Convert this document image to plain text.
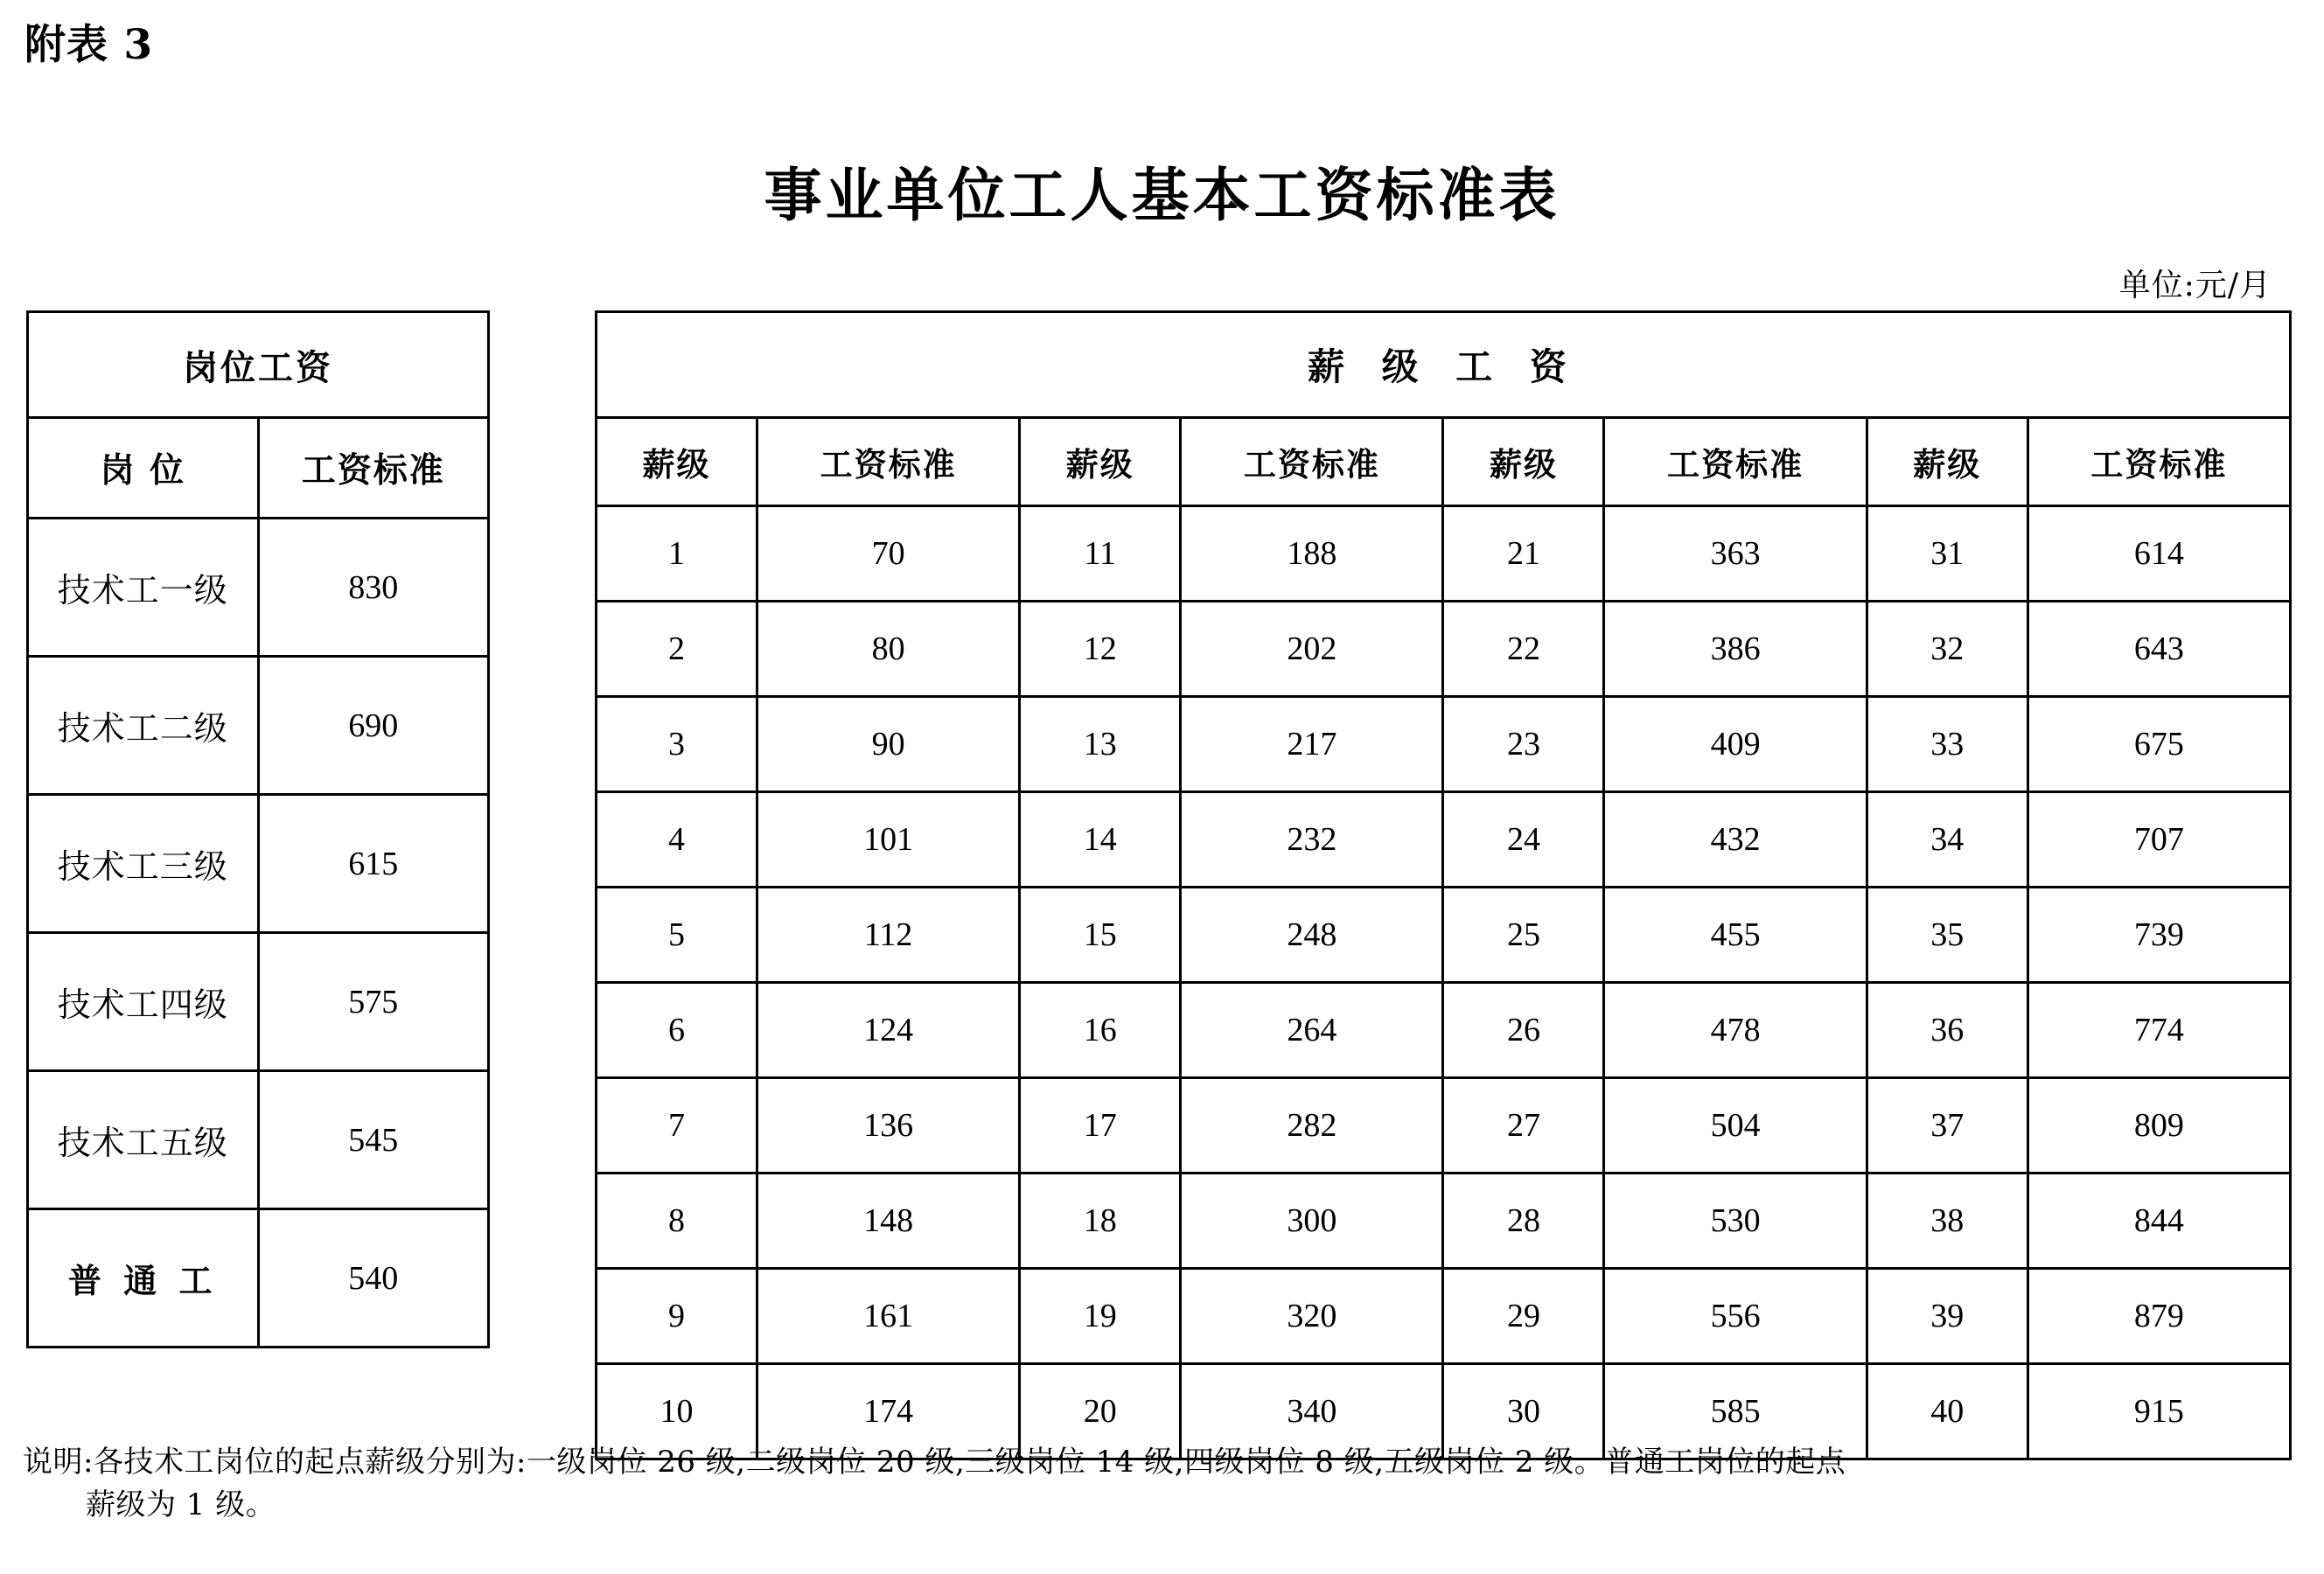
附表 3
事业单位工人基本工资标准表
单位:元/月
岗位工资	
岗 位	工资标准
技术工一级	830
技术工二级	690
技术工三级	615
技术工四级	575
技术工五级	545
普 通 工	540
薪 级 工 资							
薪级	工资标准	薪级	工资标准	薪级	工资标准	薪级	工资标准
1	70	11	188	21	363	31	614
2	80	12	202	22	386	32	643
3	90	13	217	23	409	33	675
4	101	14	232	24	432	34	707
5	112	15	248	25	455	35	739
6	124	16	264	26	478	36	774
7	136	17	282	27	504	37	809
8	148	18	300	28	530	38	844
9	161	19	320	29	556	39	879
10	174	20	340	30	585	40	915
说明:各技术工岗位的起点薪级分别为:一级岗位 26 级,二级岗位 20 级,三级岗位 14 级,四级岗位 8 级,五级岗位 2 级。普通工岗位的起点
薪级为 1 级。
